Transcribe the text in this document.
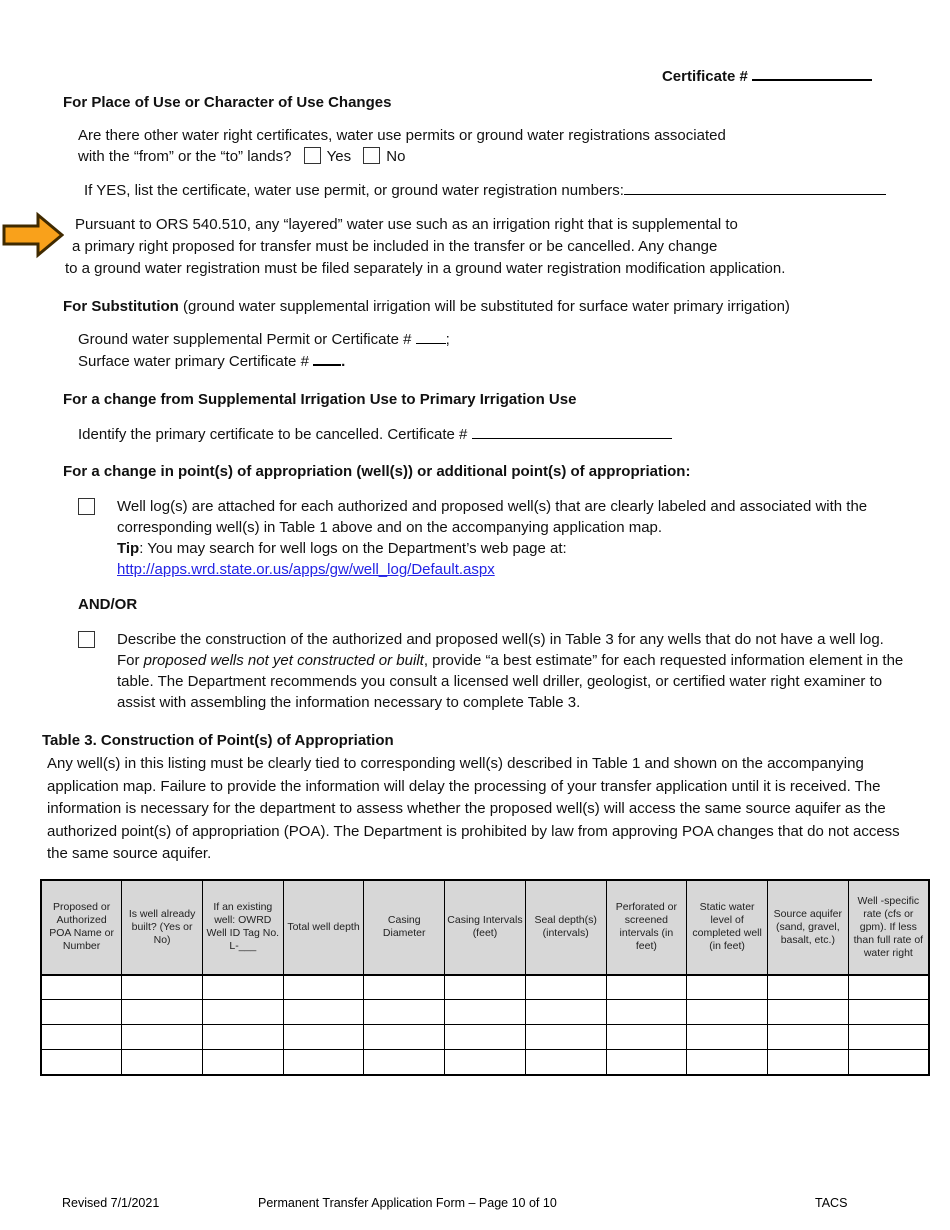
Certificate #
For Place of Use or Character of Use Changes
Are there other water right certificates, water use permits or ground water registrations associated
with the “from” or the “to” lands? Yes No
If YES, list the certificate, water use permit, or ground water registration numbers:
Pursuant to ORS 540.510, any “layered” water use such as an irrigation right that is supplemental to
a primary right proposed for transfer must be included in the transfer or be cancelled. Any change
to a ground water registration must be filed separately in a ground water registration modification application.
For Substitution (ground water supplemental irrigation will be substituted for surface water primary irrigation)
Ground water supplemental Permit or Certificate # ;
Surface water primary Certificate # .
For a change from Supplemental Irrigation Use to Primary Irrigation Use
Identify the primary certificate to be cancelled. Certificate #
For a change in point(s) of appropriation (well(s)) or additional point(s) of appropriation:
Well log(s) are attached for each authorized and proposed well(s) that are clearly labeled and associated with the corresponding well(s) in Table 1 above and on the accompanying application map.
Tip: You may search for well logs on the Department’s web page at:
http://apps.wrd.state.or.us/apps/gw/well_log/Default.aspx
AND/OR
Describe the construction of the authorized and proposed well(s) in Table 3 for any wells that do not have a well log. For proposed wells not yet constructed or built, provide “a best estimate” for each requested information element in the table. The Department recommends you consult a licensed well driller, geologist, or certified water right examiner to assist with assembling the information necessary to complete Table 3.
Table 3. Construction of Point(s) of Appropriation
Any well(s) in this listing must be clearly tied to corresponding well(s) described in Table 1 and shown on the accompanying application map. Failure to provide the information will delay the processing of your transfer application until it is received. The information is necessary for the department to assess whether the proposed well(s) will access the same source aquifer as the authorized point(s) of appropriation (POA). The Department is prohibited by law from approving POA changes that do not access the same source aquifer.
Proposed or Authorized POA Name or Number	Is well already built? (Yes or No)	If an existing well: OWRD Well ID Tag No. L-___	Total well depth	Casing Diameter	Casing Intervals (feet)	Seal depth(s) (intervals)	Perforated or screened intervals (in feet)	Static water level of completed well (in feet)	Source aquifer (sand, gravel, basalt, etc.)	Well -specific rate (cfs or gpm). If less than full rate of water right

Revised 7/1/2021	Permanent Transfer Application Form – Page 10 of 10	TACS
